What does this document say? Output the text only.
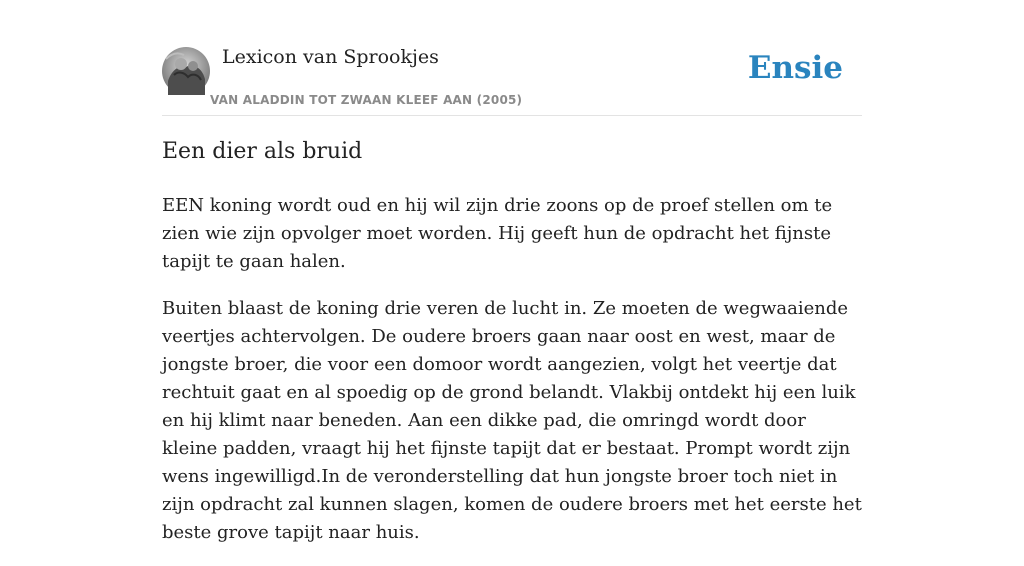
Lexicon van Sprookjes
VAN ALADDIN TOT ZWAAN KLEEF AAN (2005)
Ensie
Een dier als bruid

EEN koning wordt oud en hij wil zijn drie zoons op de proef stellen om te zien wie zijn opvolger moet worden. Hij geeft hun de opdracht het fijnste tapijt te gaan halen.

Buiten blaast de koning drie veren de lucht in. Ze moeten de wegwaaiende veertjes achtervolgen. De oudere broers gaan naar oost en west, maar de jongste broer, die voor een domoor wordt aangezien, volgt het veertje dat rechtuit gaat en al spoedig op de grond belandt. Vlakbij ontdekt hij een luik en hij klimt naar beneden. Aan een dikke pad, die omringd wordt door kleine padden, vraagt hij het fijnste tapijt dat er bestaat. Prompt wordt zijn wens ingewilligd.In de veronderstelling dat hun jongste broer toch niet in zijn opdracht zal kunnen slagen, komen de oudere broers met het eerste het beste grove tapijt naar huis.
